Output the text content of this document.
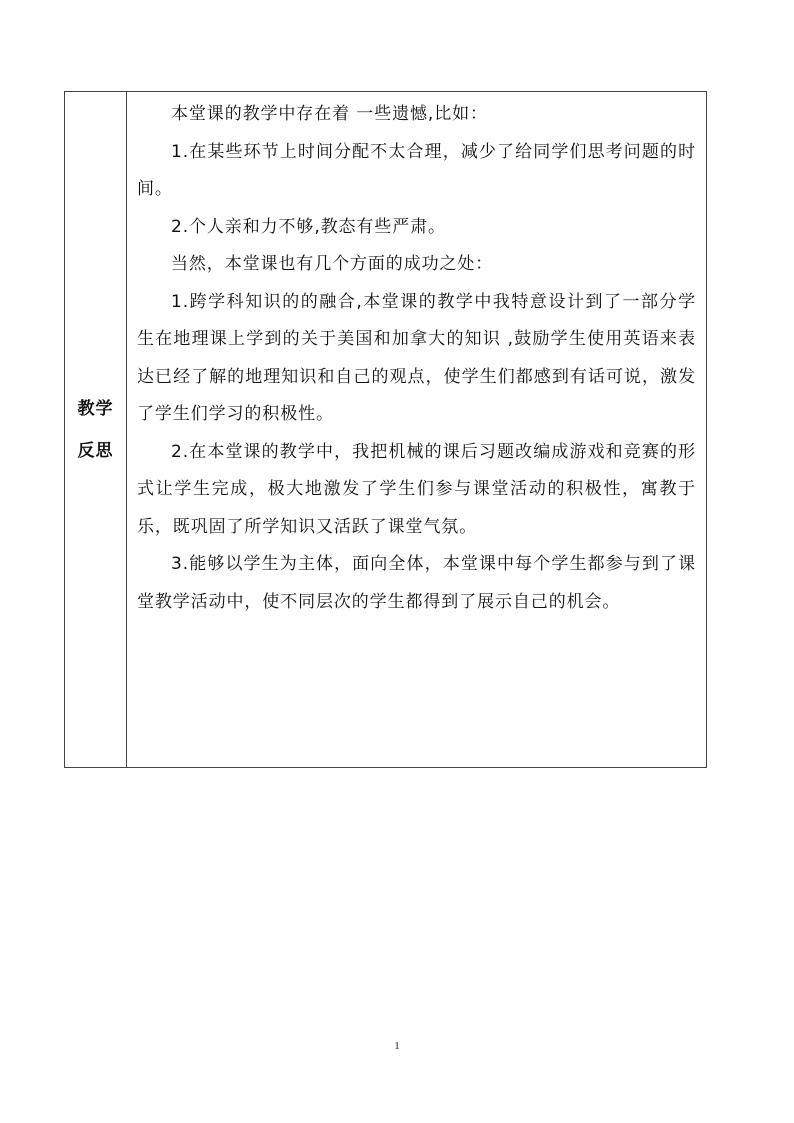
教学
反思

本堂课的教学中存在着 一些遗憾,比如：

1.在某些环节上时间分配不太合理，减少了给同学们思考问题的时间。

2.个人亲和力不够,教态有些严肃。

当然，本堂课也有几个方面的成功之处：

1.跨学科知识的的融合,本堂课的教学中我特意设计到了一部分学生在地理课上学到的关于美国和加拿大的知识 ,鼓励学生使用英语来表达已经了解的地理知识和自己的观点，使学生们都感到有话可说，激发了学生们学习的积极性。

2.在本堂课的教学中，我把机械的课后习题改编成游戏和竞赛的形式让学生完成，极大地激发了学生们参与课堂活动的积极性，寓教于乐，既巩固了所学知识又活跃了课堂气氛。

3.能够以学生为主体，面向全体，本堂课中每个学生都参与到了课堂教学活动中，使不同层次的学生都得到了展示自己的机会。

1
